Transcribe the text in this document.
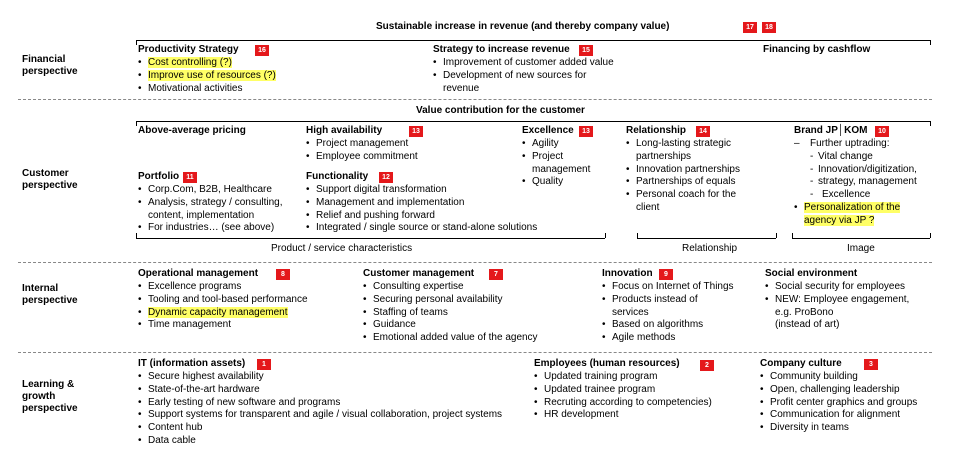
Sustainable increase in revenue (and thereby company value)	17	18
Financial
perspective
Customer
perspective
Internal
perspective
Learning &
growth
perspective
Productivity Strategy
• Cost controlling (?)
• Improve use of resources (?)
• Motivational activities
16	Strategy to increase revenue
• Improvement of customer added value
• Development of new sources for
revenue
15	Financing by cashflow
Value contribution for the customer
Above-average pricing
Portfolio
• Corp.Com, B2B, Healthcare
• Analysis, strategy / consulting,
content, implementation
• For industries… (see above)
11
High availability
• Project management
• Employee commitment
13
Functionality
• Support digital transformation
• Management and implementation
• Relief and pushing forward
• Integrated / single source or stand-alone solutions
12
Excellence
• Agility
• Project
management
• Quality
13	Relationship
• Long-lasting strategic
partnerships
• Innovation partnerships
• Partnerships of equals
• Personal coach for the
client
14	Brand JP│KOM
– Further uptrading:
- Vital change
- Innovation/digitization,
- strategy, management
- Excellence
• Personalization of the
agency via JP ?
10
Product / service characteristics	Relationship	Image
Operational management
• Excellence programs
• Tooling and tool-based performance
• Dynamic capacity management
• Time management
8	Customer management
• Consulting expertise
• Securing personal availability
• Staffing of teams
• Guidance
• Emotional added value of the agency
7	Innovation
• Focus on Internet of Things
• Products instead of
services
• Based on algorithms
• Agile methods
9	Social environment
• Social security for employees
• NEW: Employee engagement,
e.g. ProBono
(instead of art)
IT (information assets)
• Secure highest availability
• State-of-the-art hardware
• Early testing of new software and programs
• Support systems for transparent and agile / visual collaboration, project systems
• Content hub
• Data cable
1	Employees (human resources)
• Updated training program
• Updated trainee program
• Recruting according to competencies)
• HR development
2	Company culture
• Community building
• Open, challenging leadership
• Profit center graphics and groups
• Communication for alignment
• Diversity in teams
3
